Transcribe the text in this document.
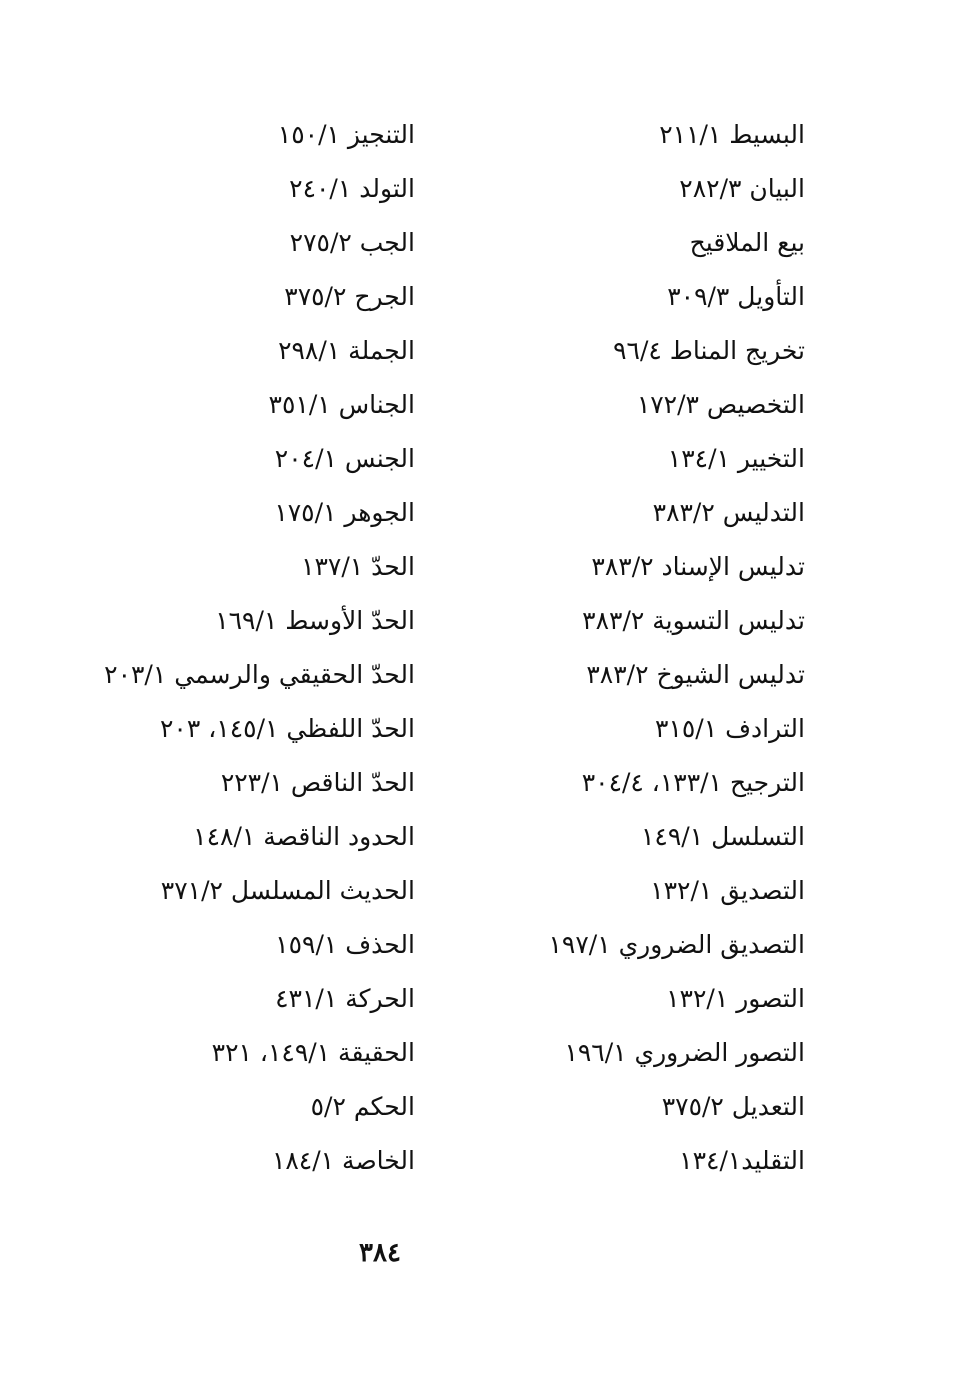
البسيط ٢١١/١
البيان ٢٨٢/٣
بيع الملاقيح
التأويل ٣٠٩/٣
تخريج المناط ٩٦/٤
التخصيص ١٧٢/٣
التخيير ١٣٤/١
التدليس ٣٨٣/٢
تدليس الإسناد ٣٨٣/٢
تدليس التسوية ٣٨٣/٢
تدليس الشيوخ ٣٨٣/٢
الترادف ٣١٥/١
الترجيح ١٣٣/١، ٣٠٤/٤
التسلسل ١٤٩/١
التصديق ١٣٢/١
التصديق الضروري ١٩٧/١
التصور ١٣٢/١
التصور الضروري ١٩٦/١
التعديل ٣٧٥/٢
التقليد١٣٤/١
التنجيز ١٥٠/١
التولد ٢٤٠/١
الجب ٢٧٥/٢
الجرح ٣٧٥/٢
الجملة ٢٩٨/١
الجناس ٣٥١/١
الجنس ٢٠٤/١
الجوهر ١٧٥/١
الحدّ ١٣٧/١
الحدّ الأوسط ١٦٩/١
الحدّ الحقيقي والرسمي ٢٠٣/١
الحدّ اللفظي ١٤٥/١، ٢٠٣
الحدّ الناقص ٢٢٣/١
الحدود الناقصة ١٤٨/١
الحديث المسلسل ٣٧١/٢
الحذف ١٥٩/١
الحركة ٤٣١/١
الحقيقة ١٤٩/١، ٣٢١
الحكم ٥/٢
الخاصة ١٨٤/١
٣٨٤
